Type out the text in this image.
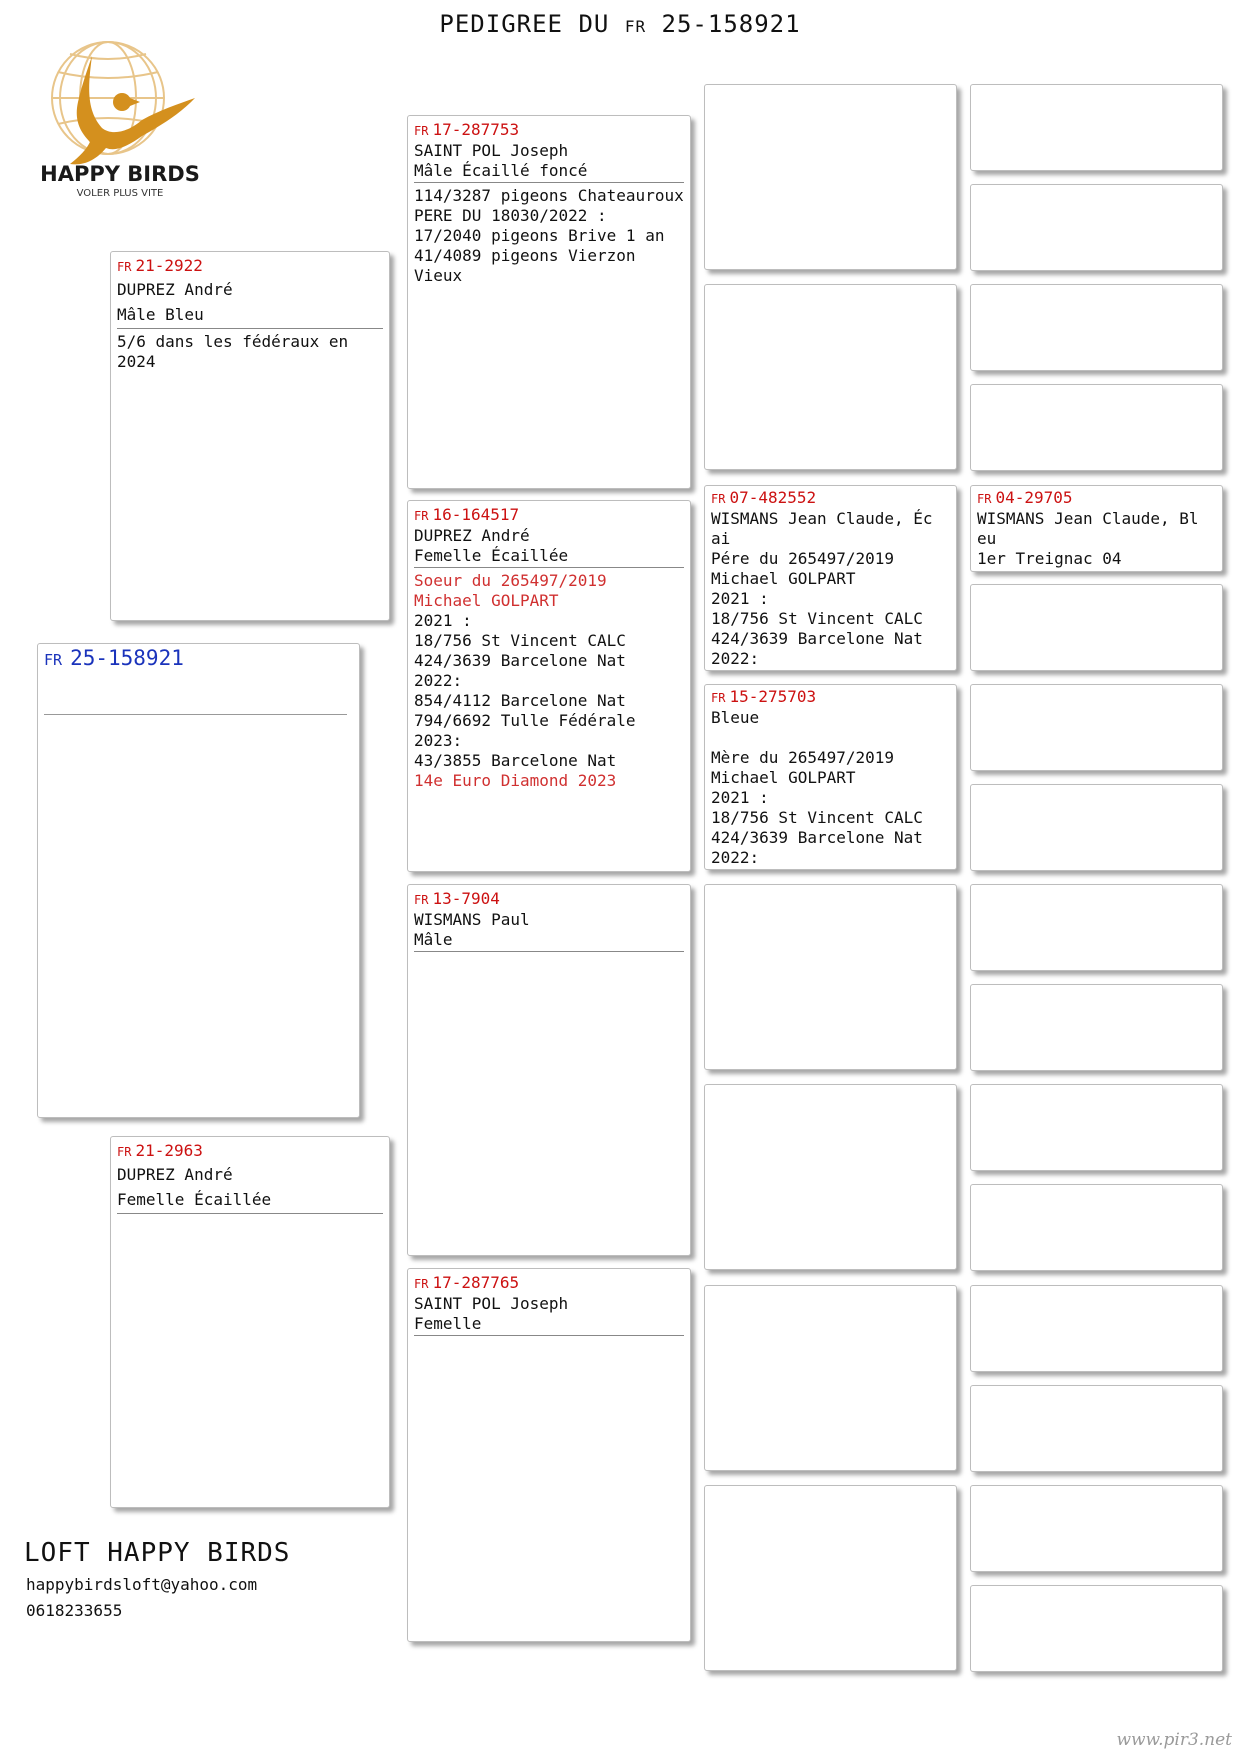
PEDIGREE DU FR 25-158921
HAPPY BIRDS
VOLER PLUS VITE
FR 25-158921
FR 21-2922
DUPREZ André
Mâle Bleu
5/6 dans les fédéraux en 2024
FR 21-2963
DUPREZ André
Femelle Écaillée
FR 17-287753
SAINT POL Joseph
Mâle Écaillé foncé
114/3287 pigeons Chateauroux
PERE DU 18030/2022 :
17/2040 pigeons Brive 1 an
41/4089 pigeons Vierzon Vieux
FR 16-164517
DUPREZ André
Femelle Écaillée
Soeur du 265497/2019
Michael GOLPART
2021 :
18/756 St Vincent CALC
424/3639 Barcelone Nat
2022:
854/4112 Barcelone Nat
794/6692 Tulle Fédérale
2023:
43/3855 Barcelone Nat
14e Euro Diamond 2023
FR 13-7904
WISMANS Paul
Mâle
FR 17-287765
SAINT POL Joseph
Femelle
FR 07-482552
WISMANS Jean Claude, Éc
ai
Pére du 265497/2019
Michael GOLPART
2021 :
18/756 St Vincent CALC
424/3639 Barcelone Nat
2022:
FR 15-275703
Bleue
Mère du 265497/2019
Michael GOLPART
2021 :
18/756 St Vincent CALC
424/3639 Barcelone Nat
2022:
FR 04-29705
WISMANS Jean Claude, Bl
eu
1er Treignac 04
LOFT HAPPY BIRDS
happybirdsloft@yahoo.com
0618233655
www.pir3.net
